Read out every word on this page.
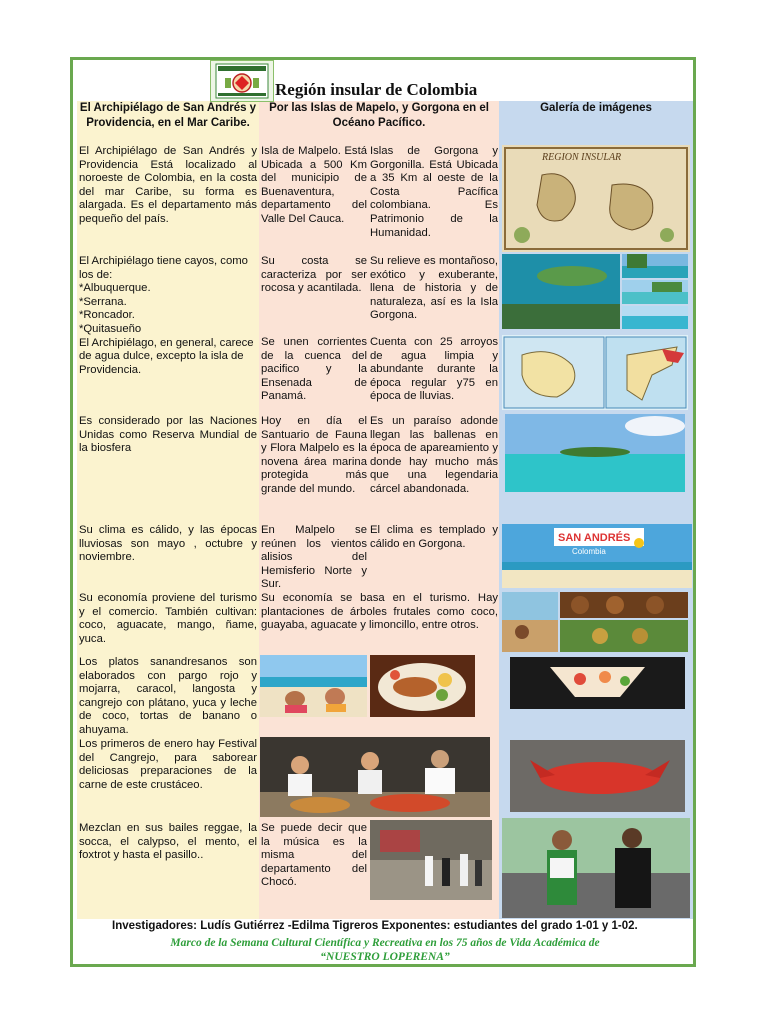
Región insular de Colombia
El Archipiélago de San Andrés y Providencia, en el Mar Caribe.
Por las Islas de Mapelo, y Gorgona en el Océano Pacífico.
Galería de imágenes
El Archipiélago de San Andrés y Providencia Está localizado al noroeste de Colombia, en la costa del mar Caribe, su forma es alargada. Es el departamento más pequeño del país.
El Archipiélago tiene cayos, como los de:
*Albuquerque.
*Serrana.
*Roncador.
*Quitasueño
El Archipiélago, en general, carece de agua dulce, excepto la isla de Providencia.
Es considerado por las Naciones Unidas como Reserva Mundial de la biosfera
Su clima es cálido, y las épocas lluviosas son mayo , octubre y noviembre.
Su economía proviene del turismo y el comercio. También cultivan: coco, aguacate, mango, ñame, yuca.
Los platos sanandresanos son elaborados con pargo rojo y mojarra, caracol, langosta y cangrejo con plátano, yuca y leche de coco, tortas de banano o ahuyama.
Los primeros de enero hay Festival del Cangrejo, para saborear deliciosas preparaciones de la carne de este crustáceo.
Mezclan en sus bailes reggae, la socca, el calypso, el mento, el foxtrot y hasta el pasillo..
Isla de Malpelo. Está Ubicada a 500 Km del municipio de Buenaventura, departamento del Valle Del Cauca.
Su costa se caracteriza por ser rocosa y acantilada.
Se unen corrientes de la cuenca del pacifico y la Ensenada de Panamá.
Hoy en día el Santuario de Fauna y Flora Malpelo es la novena área marina protegida más grande del mundo.
En Malpelo se reúnen los vientos alisios del Hemisferio Norte y Sur.
Se puede decir que la música es la misma del departamento del Chocó.
Islas de Gorgona y Gorgonilla. Está Ubicada a 35 Km al oeste de la Costa Pacífica colombiana. Es Patrimonio de la Humanidad.
Su relieve es montañoso, exótico y exuberante, llena de historia y de naturaleza, así es la Isla Gorgona.
Cuenta con 25 arroyos de agua limpia y abundante durante la época regular y75 en época de lluvias.
Es un paraíso adonde llegan las ballenas en época de apareamiento y donde hay mucho más que una legendaria cárcel abandonada.
El clima es templado y cálido en Gorgona.
Su economía se basa en el turismo. Hay plantaciones de árboles frutales como coco, guayaba, aguacate y limoncillo, entre otros.
REGION INSULAR
SAN ANDRÉS
Colombia
Investigadores: Ludís Gutiérrez -Edilma Tigreros Exponentes: estudiantes del grado 1-01 y 1-02.
Marco de la Semana Cultural Científica y Recreativa en los 75 años de Vida Académica de
“NUESTRO LOPERENA”
